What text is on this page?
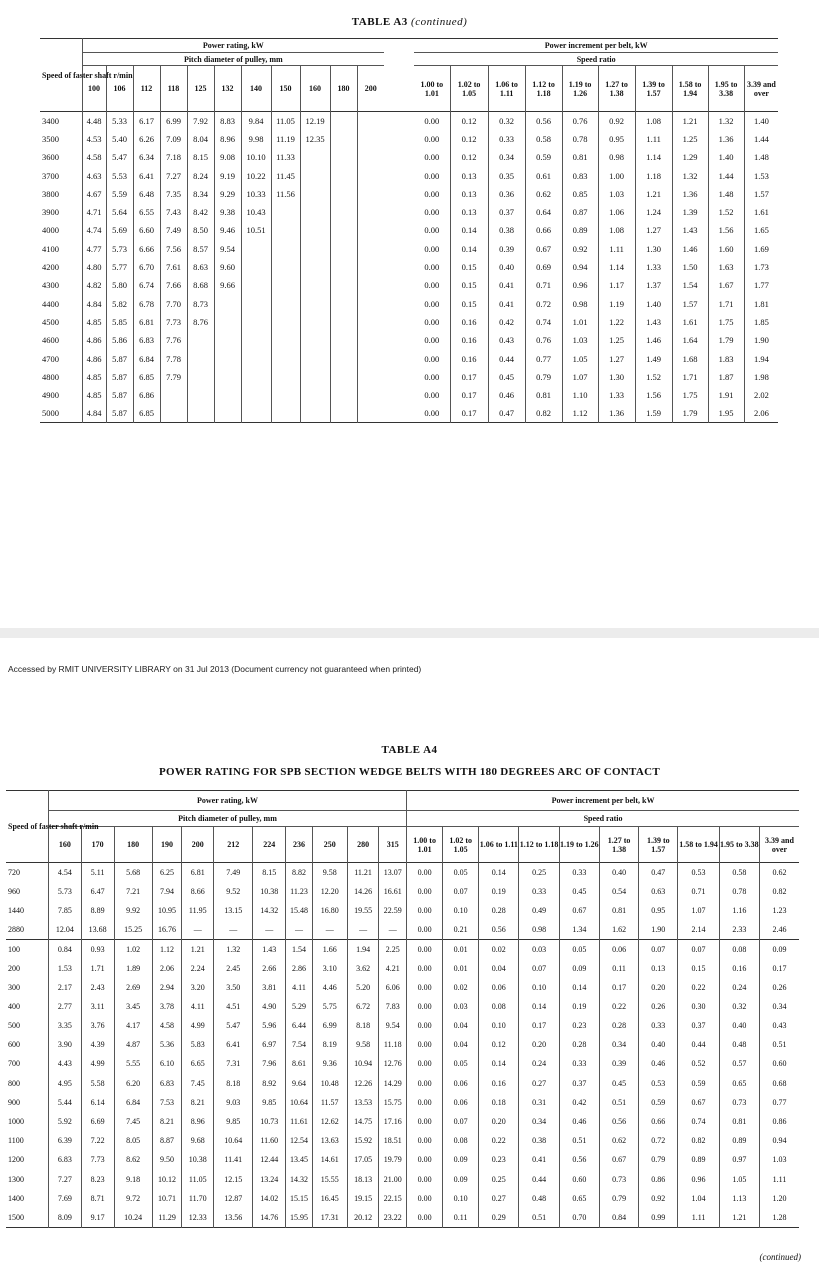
TABLE A3 (continued)
Speed of faster shaft r/min	Power rating, kW												Power increment per belt, kW									
	Pitch diameter of pulley, mm												Speed ratio									
	100	106	112	118	125	132	140	150	160	180	200		1.00 to 1.01	1.02 to 1.05	1.06 to 1.11	1.12 to 1.18	1.19 to 1.26	1.27 to 1.38	1.39 to 1.57	1.58 to 1.94	1.95 to 3.38	3.39 and over
3400	4.48	5.33	6.17	6.99	7.92	8.83	9.84	11.05	12.19				0.00	0.12	0.32	0.56	0.76	0.92	1.08	1.21	1.32	1.40
3500	4.53	5.40	6.26	7.09	8.04	8.96	9.98	11.19	12.35				0.00	0.12	0.33	0.58	0.78	0.95	1.11	1.25	1.36	1.44
3600	4.58	5.47	6.34	7.18	8.15	9.08	10.10	11.33					0.00	0.12	0.34	0.59	0.81	0.98	1.14	1.29	1.40	1.48
3700	4.63	5.53	6.41	7.27	8.24	9.19	10.22	11.45					0.00	0.13	0.35	0.61	0.83	1.00	1.18	1.32	1.44	1.53
3800	4.67	5.59	6.48	7.35	8.34	9.29	10.33	11.56					0.00	0.13	0.36	0.62	0.85	1.03	1.21	1.36	1.48	1.57
3900	4.71	5.64	6.55	7.43	8.42	9.38	10.43						0.00	0.13	0.37	0.64	0.87	1.06	1.24	1.39	1.52	1.61
4000	4.74	5.69	6.60	7.49	8.50	9.46	10.51						0.00	0.14	0.38	0.66	0.89	1.08	1.27	1.43	1.56	1.65
4100	4.77	5.73	6.66	7.56	8.57	9.54							0.00	0.14	0.39	0.67	0.92	1.11	1.30	1.46	1.60	1.69
4200	4.80	5.77	6.70	7.61	8.63	9.60							0.00	0.15	0.40	0.69	0.94	1.14	1.33	1.50	1.63	1.73
4300	4.82	5.80	6.74	7.66	8.68	9.66							0.00	0.15	0.41	0.71	0.96	1.17	1.37	1.54	1.67	1.77
4400	4.84	5.82	6.78	7.70	8.73								0.00	0.15	0.41	0.72	0.98	1.19	1.40	1.57	1.71	1.81
4500	4.85	5.85	6.81	7.73	8.76								0.00	0.16	0.42	0.74	1.01	1.22	1.43	1.61	1.75	1.85
4600	4.86	5.86	6.83	7.76									0.00	0.16	0.43	0.76	1.03	1.25	1.46	1.64	1.79	1.90
4700	4.86	5.87	6.84	7.78									0.00	0.16	0.44	0.77	1.05	1.27	1.49	1.68	1.83	1.94
4800	4.85	5.87	6.85	7.79									0.00	0.17	0.45	0.79	1.07	1.30	1.52	1.71	1.87	1.98
4900	4.85	5.87	6.86										0.00	0.17	0.46	0.81	1.10	1.33	1.56	1.75	1.91	2.02
5000	4.84	5.87	6.85										0.00	0.17	0.47	0.82	1.12	1.36	1.59	1.79	1.95	2.06
Accessed by RMIT UNIVERSITY LIBRARY on 31 Jul 2013 (Document currency not guaranteed when printed)
TABLE A4
POWER RATING FOR SPB SECTION WEDGE BELTS WITH 180 DEGREES ARC OF CONTACT
Speed of faster shaft r/min	Power rating, kW											Power increment per belt, kW									
	Pitch diameter of pulley, mm											Speed ratio									
	160	170	180	190	200	212	224	236	250	280	315	1.00 to 1.01	1.02 to 1.05	1.06 to 1.11	1.12 to 1.18	1.19 to 1.26	1.27 to 1.38	1.39 to 1.57	1.58 to 1.94	1.95 to 3.38	3.39 and over
720	4.54	5.11	5.68	6.25	6.81	7.49	8.15	8.82	9.58	11.21	13.07	0.00	0.05	0.14	0.25	0.33	0.40	0.47	0.53	0.58	0.62
960	5.73	6.47	7.21	7.94	8.66	9.52	10.38	11.23	12.20	14.26	16.61	0.00	0.07	0.19	0.33	0.45	0.54	0.63	0.71	0.78	0.82
1440	7.85	8.89	9.92	10.95	11.95	13.15	14.32	15.48	16.80	19.55	22.59	0.00	0.10	0.28	0.49	0.67	0.81	0.95	1.07	1.16	1.23
2880	12.04	13.68	15.25	16.76	—	—	—	—	—	—	—	0.00	0.21	0.56	0.98	1.34	1.62	1.90	2.14	2.33	2.46
100	0.84	0.93	1.02	1.12	1.21	1.32	1.43	1.54	1.66	1.94	2.25	0.00	0.01	0.02	0.03	0.05	0.06	0.07	0.07	0.08	0.09
200	1.53	1.71	1.89	2.06	2.24	2.45	2.66	2.86	3.10	3.62	4.21	0.00	0.01	0.04	0.07	0.09	0.11	0.13	0.15	0.16	0.17
300	2.17	2.43	2.69	2.94	3.20	3.50	3.81	4.11	4.46	5.20	6.06	0.00	0.02	0.06	0.10	0.14	0.17	0.20	0.22	0.24	0.26
400	2.77	3.11	3.45	3.78	4.11	4.51	4.90	5.29	5.75	6.72	7.83	0.00	0.03	0.08	0.14	0.19	0.22	0.26	0.30	0.32	0.34
500	3.35	3.76	4.17	4.58	4.99	5.47	5.96	6.44	6.99	8.18	9.54	0.00	0.04	0.10	0.17	0.23	0.28	0.33	0.37	0.40	0.43
600	3.90	4.39	4.87	5.36	5.83	6.41	6.97	7.54	8.19	9.58	11.18	0.00	0.04	0.12	0.20	0.28	0.34	0.40	0.44	0.48	0.51
700	4.43	4.99	5.55	6.10	6.65	7.31	7.96	8.61	9.36	10.94	12.76	0.00	0.05	0.14	0.24	0.33	0.39	0.46	0.52	0.57	0.60
800	4.95	5.58	6.20	6.83	7.45	8.18	8.92	9.64	10.48	12.26	14.29	0.00	0.06	0.16	0.27	0.37	0.45	0.53	0.59	0.65	0.68
900	5.44	6.14	6.84	7.53	8.21	9.03	9.85	10.64	11.57	13.53	15.75	0.00	0.06	0.18	0.31	0.42	0.51	0.59	0.67	0.73	0.77
1000	5.92	6.69	7.45	8.21	8.96	9.85	10.73	11.61	12.62	14.75	17.16	0.00	0.07	0.20	0.34	0.46	0.56	0.66	0.74	0.81	0.86
1100	6.39	7.22	8.05	8.87	9.68	10.64	11.60	12.54	13.63	15.92	18.51	0.00	0.08	0.22	0.38	0.51	0.62	0.72	0.82	0.89	0.94
1200	6.83	7.73	8.62	9.50	10.38	11.41	12.44	13.45	14.61	17.05	19.79	0.00	0.09	0.23	0.41	0.56	0.67	0.79	0.89	0.97	1.03
1300	7.27	8.23	9.18	10.12	11.05	12.15	13.24	14.32	15.55	18.13	21.00	0.00	0.09	0.25	0.44	0.60	0.73	0.86	0.96	1.05	1.11
1400	7.69	8.71	9.72	10.71	11.70	12.87	14.02	15.15	16.45	19.15	22.15	0.00	0.10	0.27	0.48	0.65	0.79	0.92	1.04	1.13	1.20
1500	8.09	9.17	10.24	11.29	12.33	13.56	14.76	15.95	17.31	20.12	23.22	0.00	0.11	0.29	0.51	0.70	0.84	0.99	1.11	1.21	1.28
(continued)
